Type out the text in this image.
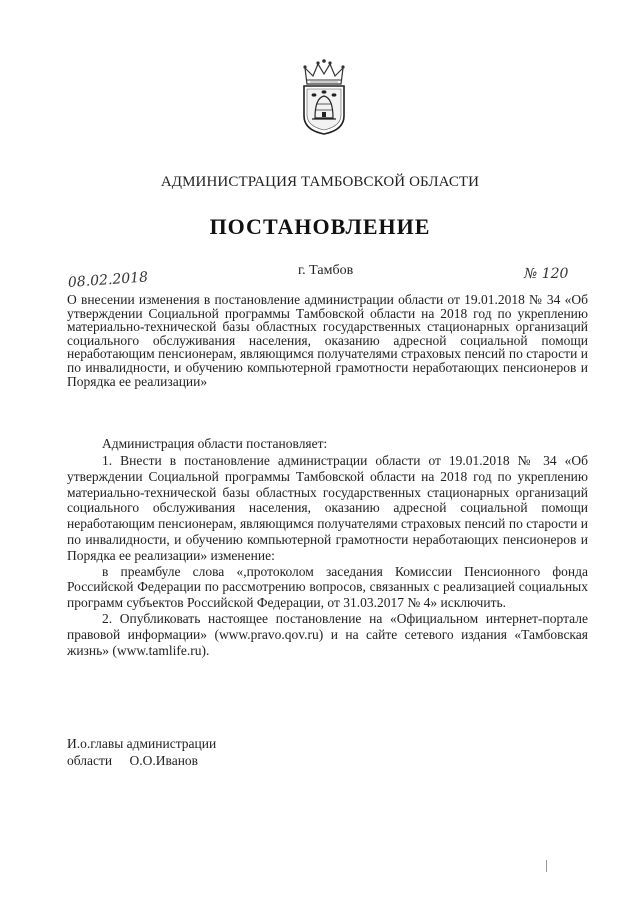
АДМИНИСТРАЦИЯ ТАМБОВСКОЙ ОБЛАСТИ
ПОСТАНОВЛЕНИЕ
08.02.2018	г. Тамбов	№ 120
О внесении изменения в постановление администрации области от 19.01.2018 № 34 «Об утверждении Социальной программы Тамбовской области на 2018 год по укреплению материально-технической базы областных государственных стационарных организаций социального обслуживания населения, оказанию адресной социальной помощи неработающим пенсионерам, являющимся получателями страховых пенсий по старости и по инвалидности, и обучению компьютерной грамотности неработающих пенсионеров и Порядка ее реализации»
Администрация области постановляет:

1. Внести в постановление администрации области от 19.01.2018 № 34 «Об утверждении Социальной программы Тамбовской области на 2018 год по укреплению материально-технической базы областных государственных стационарных организаций социального обслуживания населения, оказанию адресной социальной помощи неработающим пенсионерам, являющимся получателями страховых пенсий по старости и по инвалидности, и обучению компьютерной грамотности неработающих пенсионеров и Порядка ее реализации» изменение:

в преамбуле слова «,протоколом заседания Комиссии Пенсионного фонда Российской Федерации по рассмотрению вопросов, связанных с реализацией социальных программ субъектов Российской Федерации, от 31.03.2017 № 4» исключить.

2. Опубликовать настоящее постановление на «Официальном интернет-портале правовой информации» (www.pravo.qov.ru) и на сайте сетевого издания «Тамбовская жизнь» (www.tamlife.ru).

И.о.главы администрации
области О.О.Иванов
